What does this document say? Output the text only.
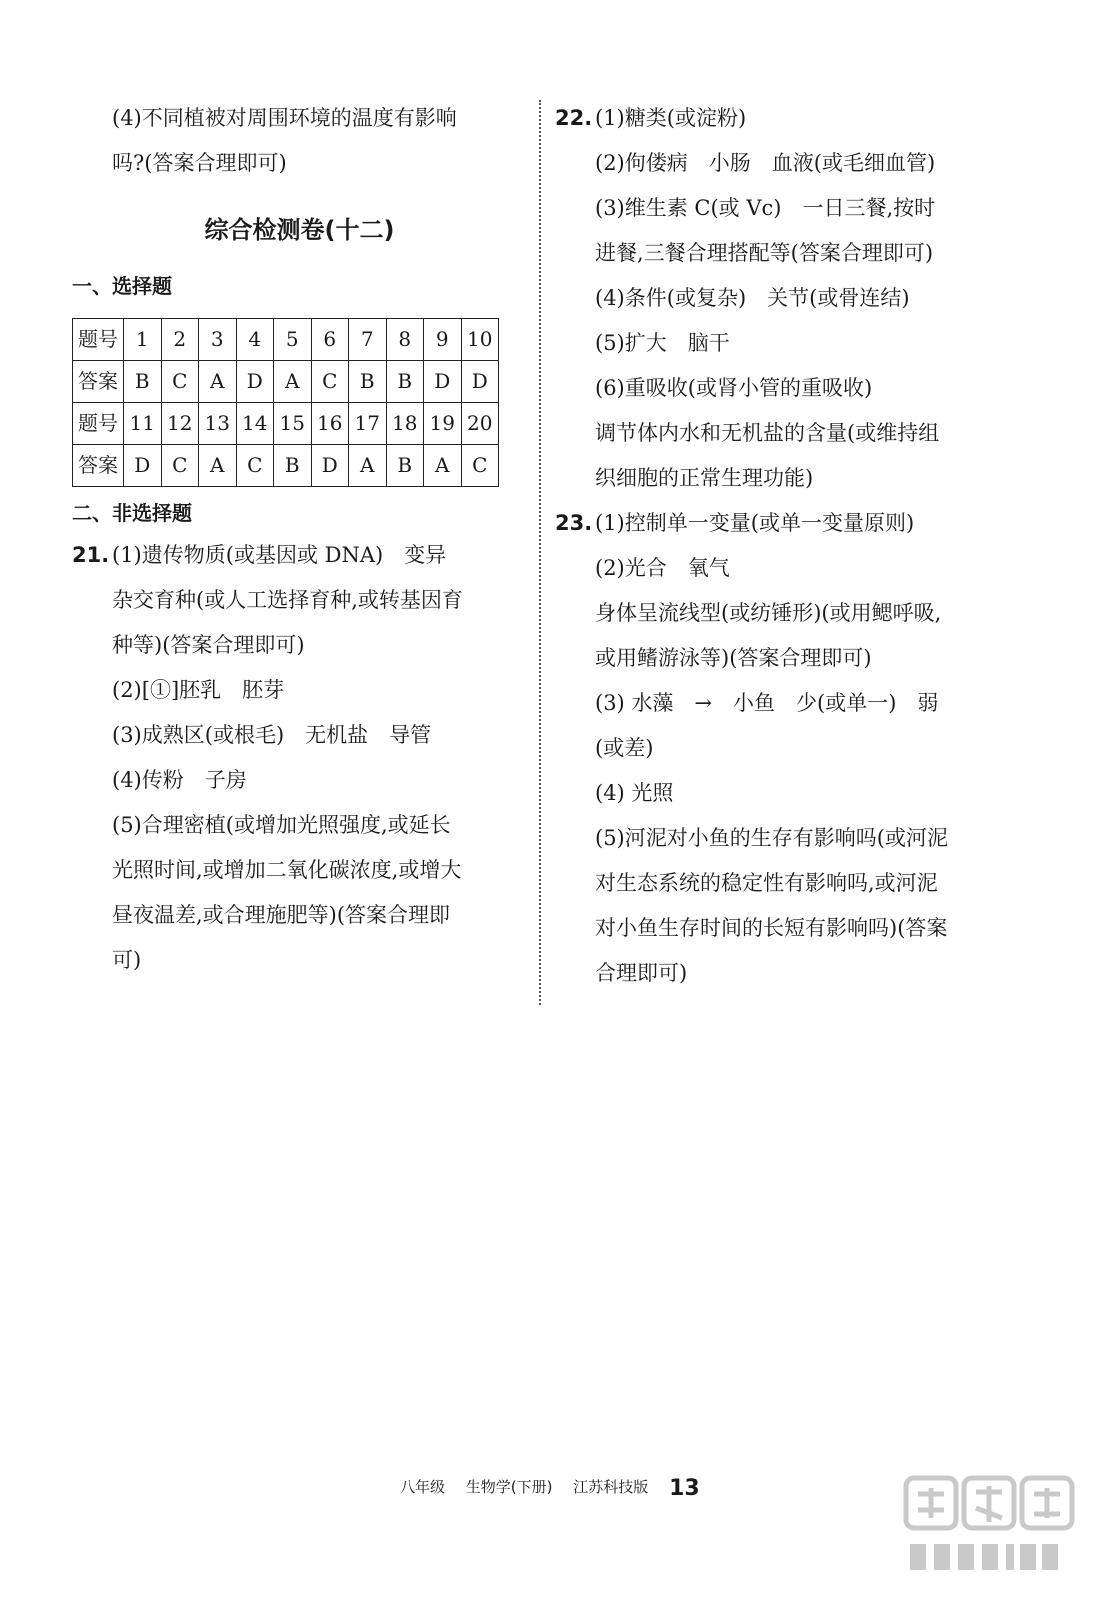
(4)不同植被对周围环境的温度有影响
吗?(答案合理即可)
综合检测卷(十二)
一、选择题
题号	1	2	3	4	5	6	7	8	9	10
答案	B	C	A	D	A	C	B	B	D	D
题号	11	12	13	14	15	16	17	18	19	20
答案	D	C	A	C	B	D	A	B	A	C
二、非选择题
21. (1)遗传物质(或基因或 DNA)　变异
杂交育种(或人工选择育种,或转基因育
种等)(答案合理即可)
(2)[①]胚乳　胚芽
(3)成熟区(或根毛)　无机盐　导管
(4)传粉　子房
(5)合理密植(或增加光照强度,或延长
光照时间,或增加二氧化碳浓度,或增大
昼夜温差,或合理施肥等)(答案合理即
可)
22. (1)糖类(或淀粉)
(2)佝偻病　小肠　血液(或毛细血管)
(3)维生素 C(或 Vc)　一日三餐,按时
进餐,三餐合理搭配等(答案合理即可)
(4)条件(或复杂)　关节(或骨连结)
(5)扩大　脑干
(6)重吸收(或肾小管的重吸收)
调节体内水和无机盐的含量(或维持组
织细胞的正常生理功能)
23. (1)控制单一变量(或单一变量原则)
(2)光合　氧气
身体呈流线型(或纺锤形)(或用鳃呼吸,
或用鳍游泳等)(答案合理即可)
(3) 水藻　→　小鱼　少(或单一)　弱
(或差)
(4) 光照
(5)河泥对小鱼的生存有影响吗(或河泥
对生态系统的稳定性有影响吗,或河泥
对小鱼生存时间的长短有影响吗)(答案
合理即可)
八年级 生物学(下册) 江苏科技版 13
